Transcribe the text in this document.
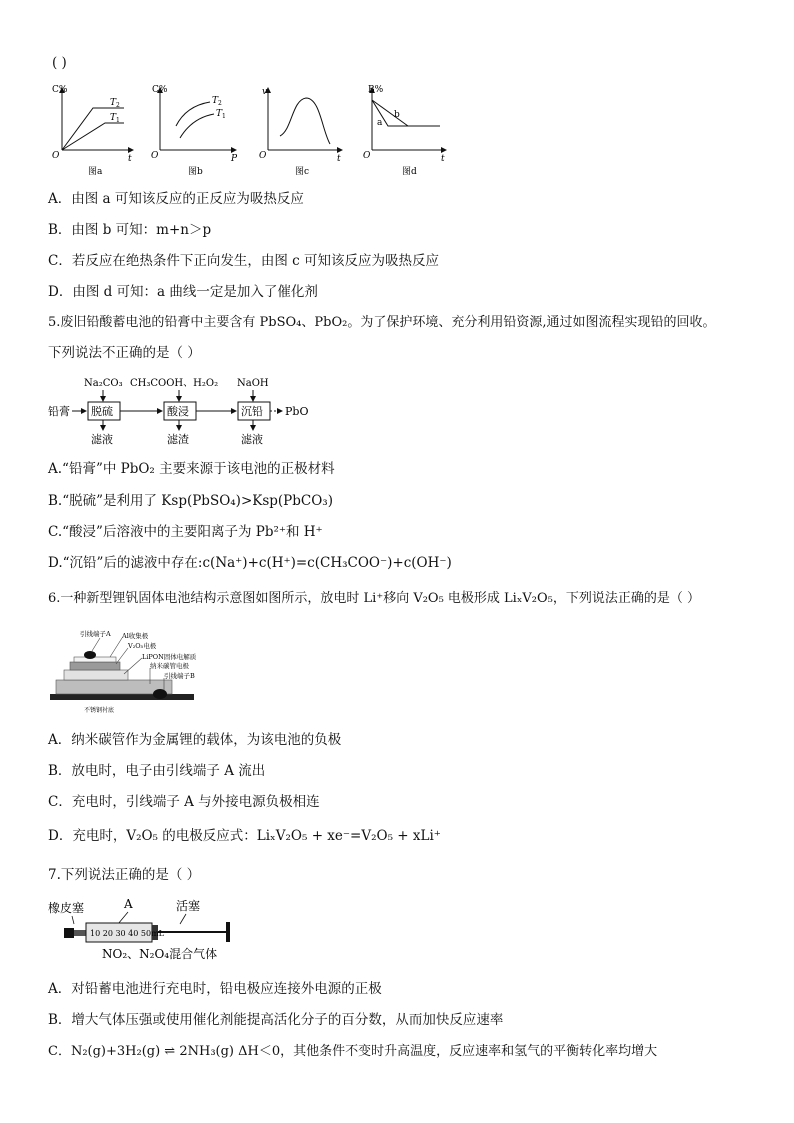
( )
C%
t
O
T 2
T 1
图a
C%
P
O
T 2
T 1
图b
v
t
O
图c
B%
t
O
a
b
图d
A．由图 a 可知该反应的正反应为吸热反应
B．由图 b 可知：m+n＞p
C．若反应在绝热条件下正向发生，由图 c 可知该反应为吸热反应
D．由图 d 可知：a 曲线一定是加入了催化剂
5.废旧铅酸蓄电池的铅膏中主要含有 PbSO₄、PbO₂。为了保护环境、充分利用铅资源,通过如图流程实现铅的回收。
下列说法不正确的是（ ）
铅膏
Na₂CO₃
脱硫
滤液
CH₃COOH、H₂O₂
酸浸
滤渣
NaOH
沉铅
滤液
PbO
A.“铅膏”中 PbO₂ 主要来源于该电池的正极材料
B.“脱硫”是利用了 Ksp(PbSO₄)>Ksp(PbCO₃)
C.“酸浸”后溶液中的主要阳离子为 Pb²⁺和 H⁺
D.“沉铅”后的滤液中存在:c(Na⁺)+c(H⁺)=c(CH₃COO⁻)+c(OH⁻)
6.一种新型锂钒固体电池结构示意图如图所示，放电时 Li⁺移向 V₂O₅ 电极形成 LiₓV₂O₅，下列说法正确的是（ ）
引线端子A Al收集极
V₂O₅电极
LiPON固体电解质
纳米碳管电极
引线端子B
不锈钢衬底
A．纳米碳管作为金属锂的载体，为该电池的负极
B．放电时，电子由引线端子 A 流出
C．充电时，引线端子 A 与外接电源负极相连
D．充电时，V₂O₅ 的电极反应式：LiₓV₂O₅ + xe⁻=V₂O₅ + xLi⁺
7.下列说法正确的是（ ）
橡皮塞	A	活塞
10 20 30 40 50mL
NO₂、N₂O₄混合气体
A．对铅蓄电池进行充电时，铅电极应连接外电源的正极
B．增大气体压强或使用催化剂能提高活化分子的百分数，从而加快反应速率
C．N₂(g)+3H₂(g) ⇌ 2NH₃(g) ΔH＜0，其他条件不变时升高温度，反应速率和氢气的平衡转化率均增大
